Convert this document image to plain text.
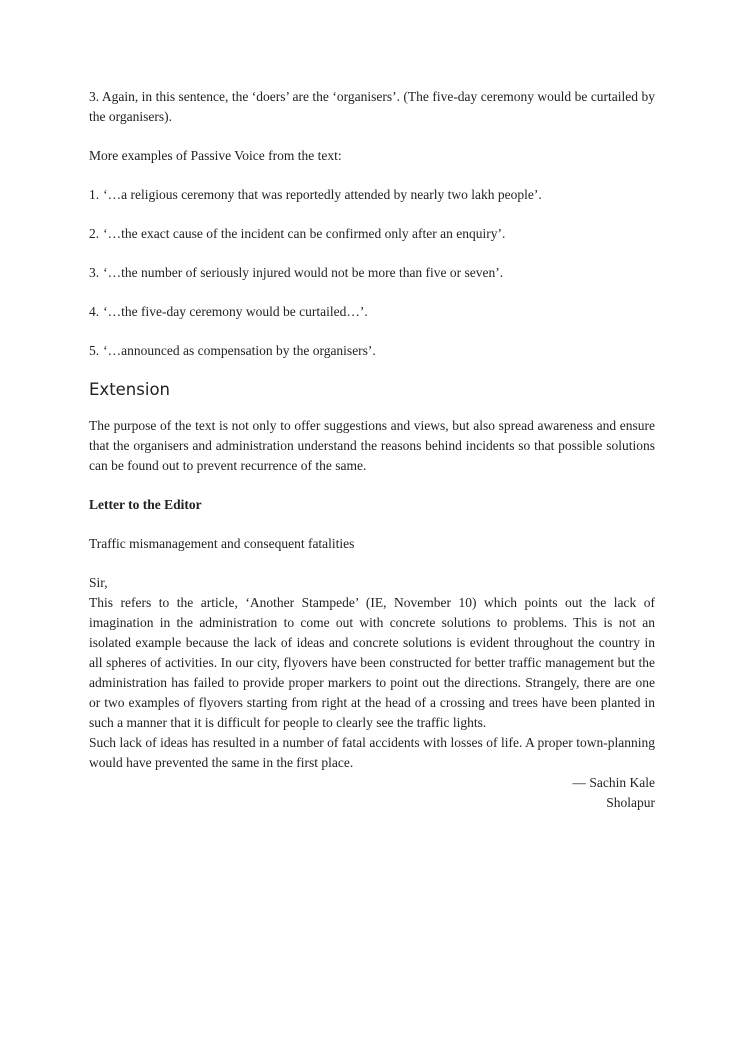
3. Again, in this sentence, the ‘doers’ are the ‘organisers’. (The five-day ceremony would be curtailed by the organisers).

More examples of Passive Voice from the text:

1. ‘…a religious ceremony that was reportedly attended by nearly two lakh people’.
2. ‘…the exact cause of the incident can be confirmed only after an enquiry’.
3. ‘…the number of seriously injured would not be more than five or seven’.
4. ‘…the five-day ceremony would be curtailed…’.
5. ‘…announced as compensation by the organisers’.
Extension

The purpose of the text is not only to offer suggestions and views, but also spread awareness and ensure that the organisers and administration understand the reasons behind incidents so that possible solutions can be found out to prevent recurrence of the same.

Letter to the Editor

Traffic mismanagement and consequent fatalities

Sir,

This refers to the article, ‘Another Stampede’ (IE, November 10) which points out the lack of imagination in the administration to come out with concrete solutions to problems. This is not an isolated example because the lack of ideas and concrete solutions is evident throughout the country in all spheres of activities. In our city, flyovers have been constructed for better traffic management but the administration has failed to provide proper markers to point out the directions. Strangely, there are one or two examples of flyovers starting from right at the head of a crossing and trees have been planted in such a manner that it is difficult for people to clearly see the traffic lights.

Such lack of ideas has resulted in a number of fatal accidents with losses of life. A proper town-planning would have prevented the same in the first place.

— Sachin Kale
Sholapur
